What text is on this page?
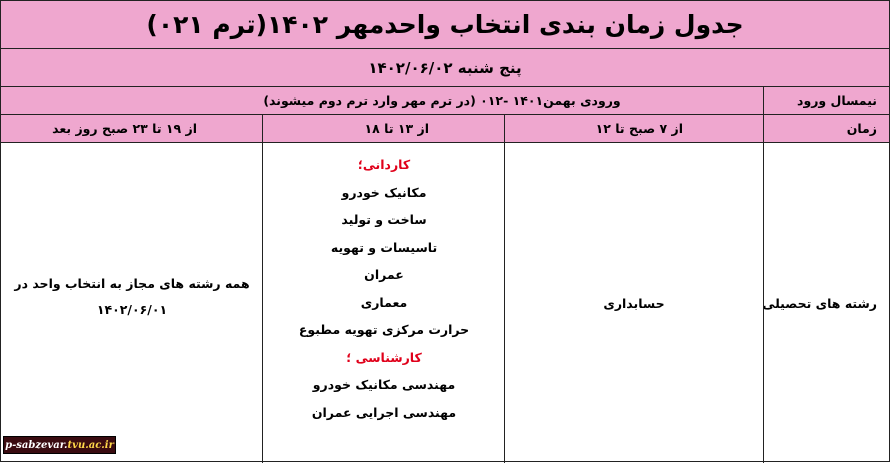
جدول زمان بندی انتخاب واحدمهر ۱۴۰۲(ترم ۰۲۱)
پنج شنبه ۱۴۰۲/۰۶/۰۲
نیمسال ورود
ورودی بهمن۱۴۰۱ -۰۱۲ (در ترم مهر وارد ترم دوم میشوند)
زمان
از ۷ صبح تا ۱۲
از ۱۳ تا ۱۸
از ۱۹ تا ۲۳ صبح روز بعد
رشته های تحصیلی
حسابداری
کاردانی؛
مکانیک خودرو
ساخت و تولید
تاسیسات و تهویه
عمران
معماری
حرارت مرکزی تهویه مطبوع
کارشناسی ؛
مهندسی مکانیک خودرو
مهندسی اجرایی عمران
همه رشته های مجاز به انتخاب واحد در
۱۴۰۲/۰۶/۰۱
p-sabzevar. tvu.ac.ir
